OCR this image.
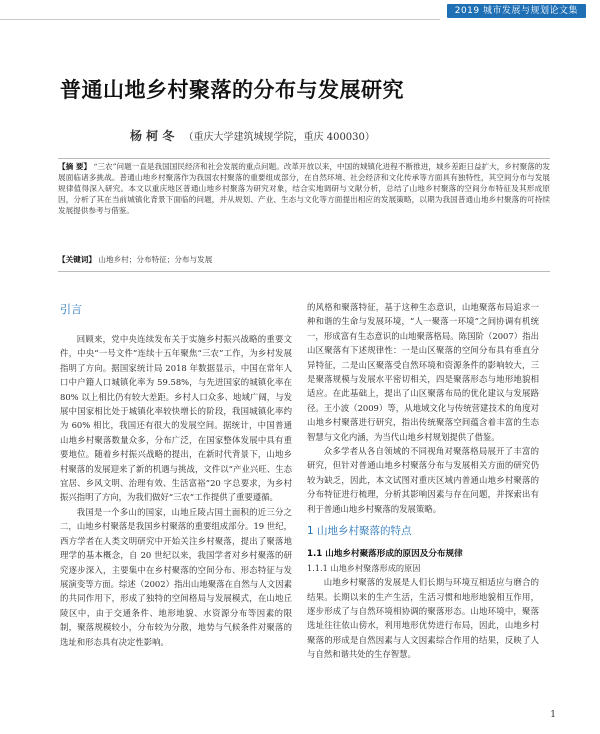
2019 城市发展与规划论文集
普通山地乡村聚落的分布与发展研究
杨 柯 冬 （重庆大学建筑城规学院，重庆 400030）

【摘 要】 “三农”问题一直是我国国民经济和社会发展的重点问题。改革开放以来，中国的城镇化进程不断推进，城乡差距日益扩大，乡村聚落的发展面临诸多挑战。普通山地乡村聚落作为我国农村聚落的重要组成部分，在自然环境、社会经济和文化传承等方面具有独特性，其空间分布与发展规律值得深入研究。本文以重庆地区普通山地乡村聚落为研究对象，结合实地调研与文献分析，总结了山地乡村聚落的空间分布特征及其形成原因，分析了其在当前城镇化背景下面临的问题，并从规划、产业、生态与文化等方面提出相应的发展策略，以期为我国普通山地乡村聚落的可持续发展提供参考与借鉴。

【关键词】 山地乡村；分布特征；分布与发展

引言

回顾来，党中央连续发布关于实施乡村振兴战略的重要文件，中央“一号文件”连续十五年聚焦“三农”工作，为乡村发展指明了方向。据国家统计局 2018 年数据显示，中国在常年人口中户籍人口城镇化率为 59.58%，与先进国家的城镇化率在 80% 以上相比仍有较大差距。乡村人口众多、地域广阔，与发展中国家相比处于城镇化率较快增长的阶段，我国城镇化率约为 60% 相比，我国还有很大的发展空间。据统计，中国普通山地乡村聚落数量众多，分布广泛，在国家整体发展中具有重要地位。随着乡村振兴战略的提出，在新时代背景下，山地乡村聚落的发展迎来了新的机遇与挑战，文件以“产业兴旺、生态宜居、乡风文明、治理有效、生活富裕”20 字总要求，为乡村振兴指明了方向，为我们做好“三农”工作提供了重要遵循。

我国是一个多山的国家，山地丘陵占国土面积的近三分之二，山地乡村聚落是我国乡村聚落的重要组成部分。19 世纪，西方学者在人类文明研究中开始关注乡村聚落，提出了聚落地理学的基本概念，自 20 世纪以来，我国学者对乡村聚落的研究逐步深入，主要集中在乡村聚落的空间分布、形态特征与发展演变等方面。综述（2002）指出山地聚落在自然与人文因素的共同作用下，形成了独特的空间格局与发展模式，在山地丘陵区中，由于交通条件、地形地貌、水资源分布等因素的限制，聚落规模较小，分布较为分散，地势与气候条件对聚落的选址和形态具有决定性影响。

的风格和聚落特征，基于这种生态意识，山地聚落布局追求一种和谐的生命与发展环境，“人一聚落一环境”之间协调有机统一，形成富有生态意识的山地聚落格局。陈国阶（2007）指出山区聚落有下述规律性：一是山区聚落的空间分布具有垂直分异特征，二是山区聚落受自然环境和资源条件的影响较大，三是聚落规模与发展水平密切相关，四是聚落形态与地形地貌相适应。在此基础上，提出了山区聚落布局的优化建议与发展路径。王小波（2009）等，从地域文化与传统营建技术的角度对山地乡村聚落进行研究，指出传统聚落空间蕴含着丰富的生态智慧与文化内涵，为当代山地乡村规划提供了借鉴。

众多学者从各自领域的不同视角对聚落格局展开了丰富的研究，但针对普通山地乡村聚落分布与发展相关方面的研究仍较为缺乏，因此，本文试图对重庆区域内普通山地乡村聚落的分布特征进行梳理，分析其影响因素与存在问题，并探索出有利于普通山地乡村聚落的发展策略。

1 山地乡村聚落的特点
1.1 山地乡村聚落形成的原因及分布规律
1.1.1 山地乡村聚落形成的原因

山地乡村聚落的发展是人们长期与环境互相适应与磨合的结果。长期以来的生产生活，生活习惯和地形地貌相互作用，逐步形成了与自然环境相协调的聚落形态。山地环境中，聚落选址往往依山傍水，利用地形优势进行布局，因此，山地乡村聚落的形成是自然因素与人文因素综合作用的结果，反映了人与自然和谐共处的生存智慧。

1
